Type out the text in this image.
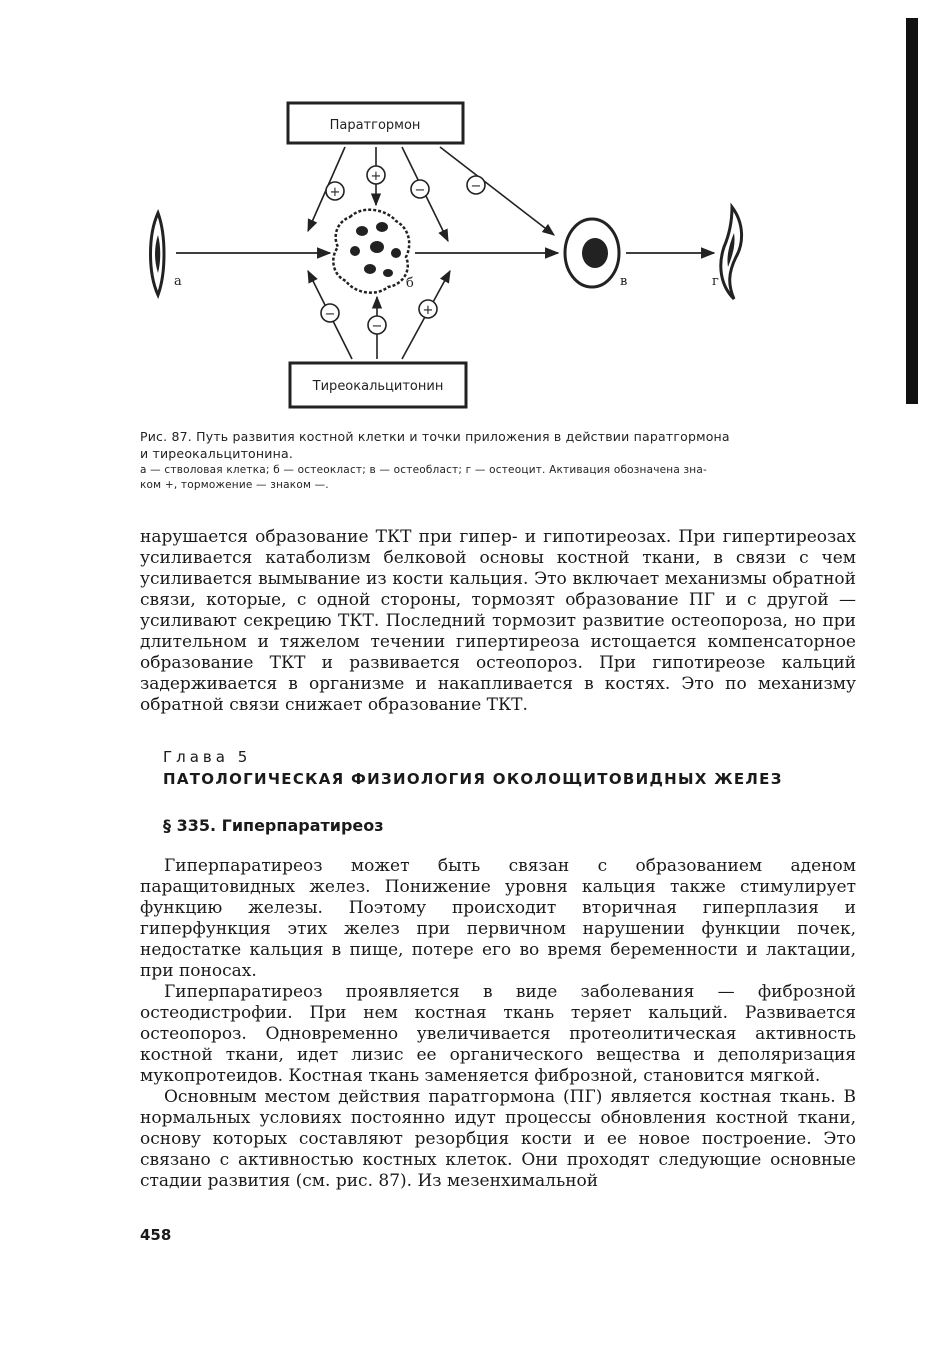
Паратгормон
Тиреокальцитонин
а	б	в	г
+
+
−	−
−
−
+

Рис. 87. Путь развития костной клетки и точки приложения в действии паратгормона

и тиреокальцитонина.

а — стволовая клетка; б — остеокласт; в — остеобласт; г — остеоцит. Активация обозначена зна-

ком +, торможение — знаком —.

нарушается образование ТКТ при гипер- и гипотиреозах. При гипертиреозах усиливается катаболизм белковой основы костной ткани, в связи с чем усиливается вымывание из кости кальция. Это включает механизмы обратной связи, которые, с одной стороны, тормозят образование ПГ и с другой — усиливают секрецию ТКТ. Последний тормозит развитие остеопороза, но при длительном и тяжелом течении гипертиреоза истощается компенсаторное образование ТКТ и развивается остеопороз. При гипотиреозе кальций задерживается в организме и накапливается в костях. Это по механизму обратной связи снижает образование ТКТ.

Глава 5
ПАТОЛОГИЧЕСКАЯ ФИЗИОЛОГИЯ ОКОЛОЩИТОВИДНЫХ ЖЕЛЕЗ
§ 335. Гиперпаратиреоз

Гиперпаратиреоз может быть связан с образованием аденом паращитовидных желез. Понижение уровня кальция также стимулирует функцию железы. Поэтому происходит вторичная гиперплазия и гиперфункция этих желез при первичном нарушении функции почек, недостатке кальция в пище, потере его во время беременности и лактации, при поносах.

Гиперпаратиреоз проявляется в виде заболевания — фиброзной остеодистрофии. При нем костная ткань теряет кальций. Развивается остеопороз. Одновременно увеличивается протеолитическая активность костной ткани, идет лизис ее органического вещества и деполяризация мукопротеидов. Костная ткань заменяется фиброзной, становится мягкой.

Основным местом действия паратгормона (ПГ) является костная ткань. В нормальных условиях постоянно идут процессы обновления костной ткани, основу которых составляют резорбция кости и ее новое построение. Это связано с активностью костных клеток. Они проходят следующие основные стадии развития (см. рис. 87). Из мезенхимальной

458
